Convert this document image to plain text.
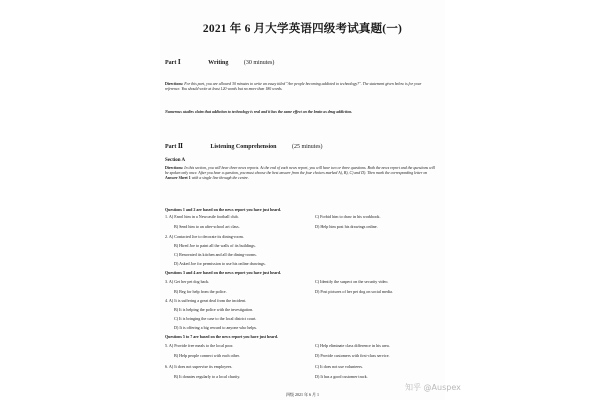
2021 年 6 月大学英语四级考试真题(一)
Part Ⅰ	Writing	(30 minutes)
Directions: For this part, you are allowed 30 minutes to write an essay titled "Are people becoming addicted to technology?". The statement given below is for your reference. You should write at least 120 words but no more than 180 words.
Numerous studies claim that addiction to technology is real and it has the same effect on the brain as drug addiction.
Part Ⅱ	Listening Comprehension	(25 minutes)
Section A
Directions: In this section, you will hear three news reports. At the end of each news report, you will hear two or three questions. Both the news report and the questions will be spoken only once. After you hear a question, you must choose the best answer from the four choices marked A), B), C) and D). Then mark the corresponding letter on Answer Sheet 1 with a single line through the centre.
Questions 1 and 2 are based on the news report you have just heard.
1. A) Enrol him in a Newcastle football club.	C) Forbid him to draw in his workbook.
B) Send him to an after-school art class.	D) Help him post his drawings online.
2. A) Contacted Joe to decorate its dining-room.
B) Hired Joe to paint all the walls of its buildings.
C) Renovated its kitchen and all the dining-rooms.
D) Asked Joe for permission to use his online drawings.
Questions 3 and 4 are based on the news report you have just heard.
3. A) Get her pet dog back.	C) Identify the suspect on the security video.
B) Beg for help from the police.	D) Post pictures of her pet dog on social media.
4. A) It is suffering a great deal from the incident.
B) It is helping the police with the investigation.
C) It is bringing the case to the local district court.
D) It is offering a big reward to anyone who helps.
Questions 5 to 7 are based on the news report you have just heard.
5. A) Provide free meals to the local poor.	C) Help eliminate class difference in his area.
B) Help people connect with each other.	D) Provide customers with first-class service.
6. A) It does not supervise its employees.	C) It does not use volunteers.
B) It donates regularly to a local charity.	D) It has a good customer track.
四级 2021 年 6 月 1
知乎 @Auspex
